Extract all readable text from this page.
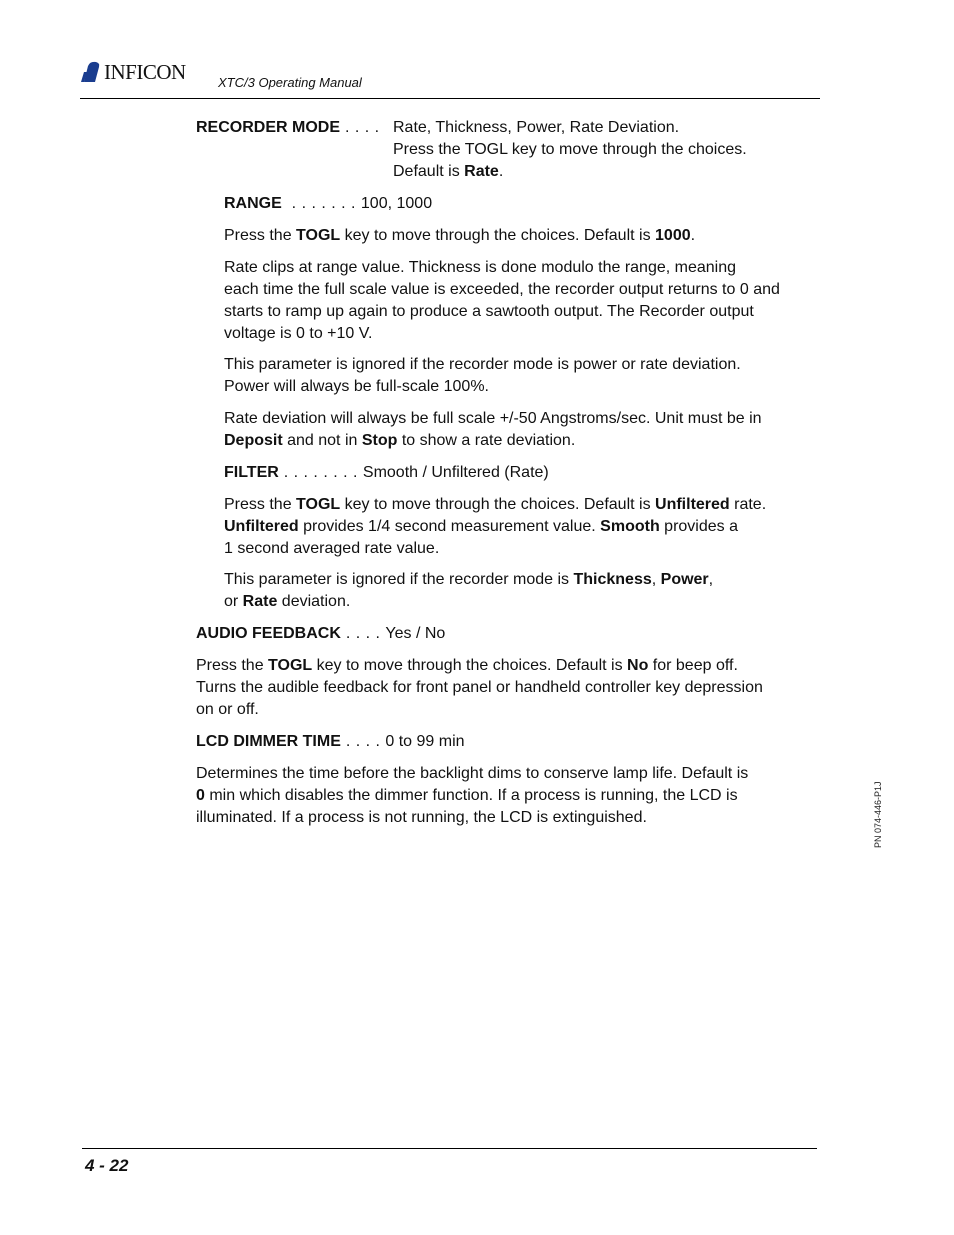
INFICON XTC/3 Operating Manual
RECORDER MODE . . . . Rate, Thickness, Power, Rate Deviation.
Press the TOGL key to move through the choices.
Default is Rate.
RANGE  . . . . . . . 100, 1000
Press the TOGL key to move through the choices. Default is 1000.
Rate clips at range value. Thickness is done modulo the range, meaning
each time the full scale value is exceeded, the recorder output returns to 0 and
starts to ramp up again to produce a sawtooth output. The Recorder output
voltage is 0 to +10 V.
This parameter is ignored if the recorder mode is power or rate deviation.
Power will always be full-scale 100%.
Rate deviation will always be full scale +/-50 Angstroms/sec. Unit must be in
Deposit and not in Stop to show a rate deviation.
FILTER . . . . . . . . Smooth / Unfiltered (Rate)
Press the TOGL key to move through the choices. Default is Unfiltered rate.
Unfiltered provides 1/4 second measurement value. Smooth provides a
1 second averaged rate value.
This parameter is ignored if the recorder mode is Thickness, Power,
or Rate deviation.
AUDIO FEEDBACK . . . . Yes / No
Press the TOGL key to move through the choices. Default is No for beep off.
Turns the audible feedback for front panel or handheld controller key depression
on or off.
LCD DIMMER TIME . . . . 0 to 99 min
Determines the time before the backlight dims to conserve lamp life. Default is
0 min which disables the dimmer function. If a process is running, the LCD is
illuminated. If a process is not running, the LCD is extinguished.	PN 074-446-P1J
4 - 22
